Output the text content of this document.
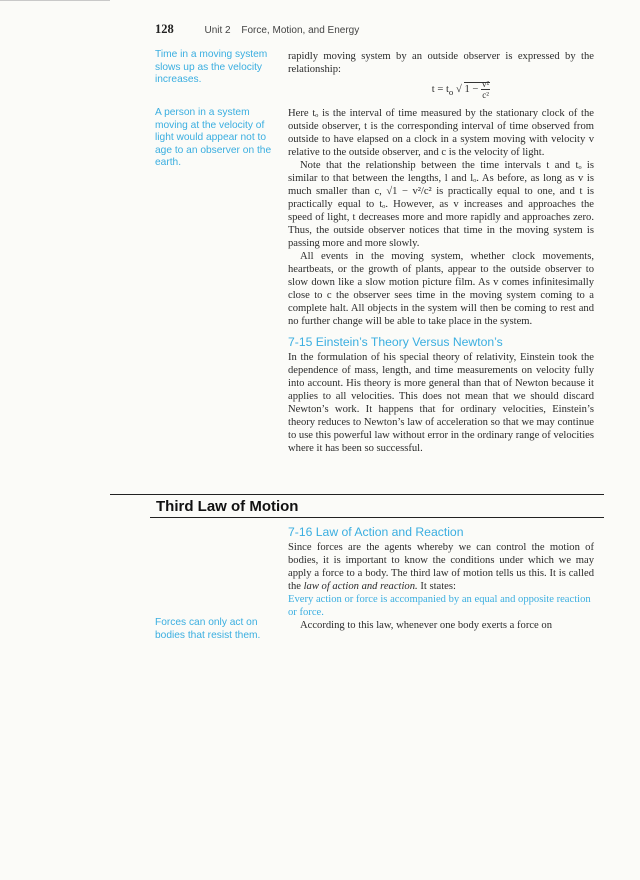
128	Unit 2 Force, Motion, and Energy
Time in a moving system slows up as the velocity increases.
A person in a system moving at the velocity of light would appear not to age to an observer on the earth.
Forces can only act on bodies that resist them.

rapidly moving system by an outside observer is expressed by the relationship:

$t = t_o$ √ $1 - \frac{\text{v²}}{\text{c²}}$

Here tₒ is the interval of time measured by the stationary clock of the outside observer, t is the corresponding interval of time observed from outside to have elapsed on a clock in a system moving with velocity v relative to the outside observer, and c is the velocity of light.

Note that the relationship between the time intervals t and tₒ is similar to that between the lengths, l and lₒ. As before, as long as v is much smaller than c, √1 − v²/c² is practically equal to one, and t is practically equal to tₒ. However, as v increases and approaches the speed of light, t decreases more and more rapidly and approaches zero. Thus, the outside observer notices that time in the moving system is passing more and more slowly.

All events in the moving system, whether clock movements, heartbeats, or the growth of plants, appear to the outside observer to slow down like a slow motion picture film. As v comes infinitesimally close to c the observer sees time in the moving system coming to a complete halt. All objects in the system will then be coming to rest and no further change will be able to take place in the system.

7-15 Einstein’s Theory Versus Newton’s

In the formulation of his special theory of relativity, Einstein took the dependence of mass, length, and time measurements on velocity fully into account. His theory is more general than that of Newton because it applies to all velocities. This does not mean that we should discard Newton’s work. It happens that for ordinary velocities, Einstein’s theory reduces to Newton’s law of acceleration so that we may continue to use this powerful law without error in the ordinary range of velocities where it has been so successful.

Third Law of Motion
7-16 Law of Action and Reaction

Since forces are the agents whereby we can control the motion of bodies, it is important to know the conditions under which we may apply a force to a body. The third law of motion tells us this. It is called the law of action and reaction. It states:

Every action or force is accompanied by an equal and opposite reaction or force.

According to this law, whenever one body exerts a force on
